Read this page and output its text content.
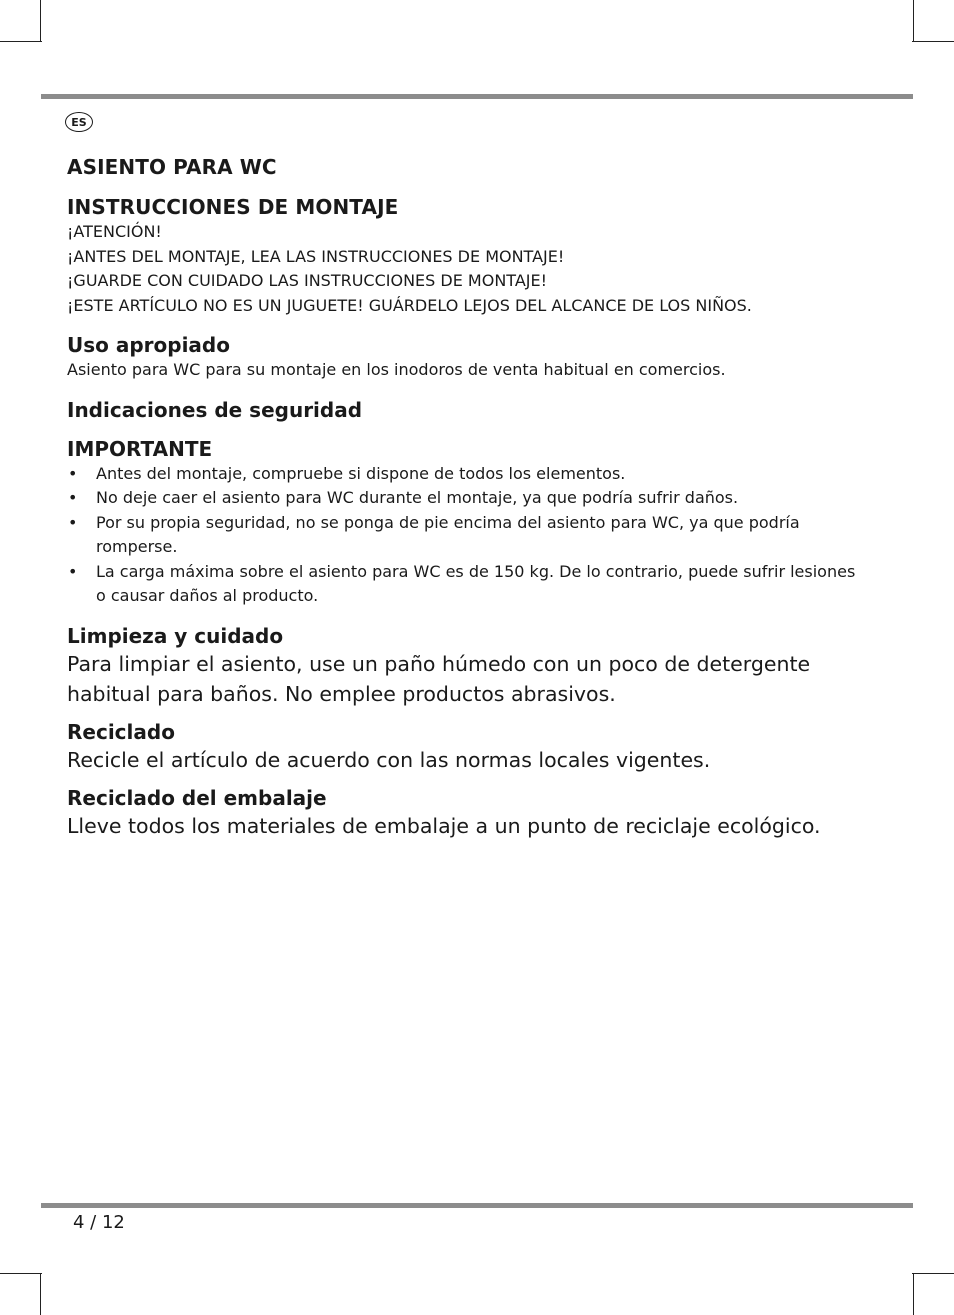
ES
ASIENTO PARA WC
INSTRUCCIONES DE MONTAJE

¡ATENCIÓN!

¡ANTES DEL MONTAJE, LEA LAS INSTRUCCIONES DE MONTAJE!

¡GUARDE CON CUIDADO LAS INSTRUCCIONES DE MONTAJE!

¡ESTE ARTÍCULO NO ES UN JUGUETE! GUÁRDELO LEJOS DEL ALCANCE DE LOS NIÑOS.

Uso apropiado

Asiento para WC para su montaje en los inodoros de venta habitual en comercios.

Indicaciones de seguridad
IMPORTANTE
• Antes del montaje, compruebe si dispone de todos los elementos.
• No deje caer el asiento para WC durante el montaje, ya que podría sufrir daños.
• Por su propia seguridad, no se ponga de pie encima del asiento para WC, ya que podría romperse.
• La carga máxima sobre el asiento para WC es de 150 kg. De lo contrario, puede sufrir lesiones o causar daños al producto.
Limpieza y cuidado

Para limpiar el asiento, use un paño húmedo con un poco de detergente habitual para baños. No emplee productos abrasivos.

Reciclado

Recicle el artículo de acuerdo con las normas locales vigentes.

Reciclado del embalaje

Lleve todos los materiales de embalaje a un punto de reciclaje ecológico.

4 / 12
